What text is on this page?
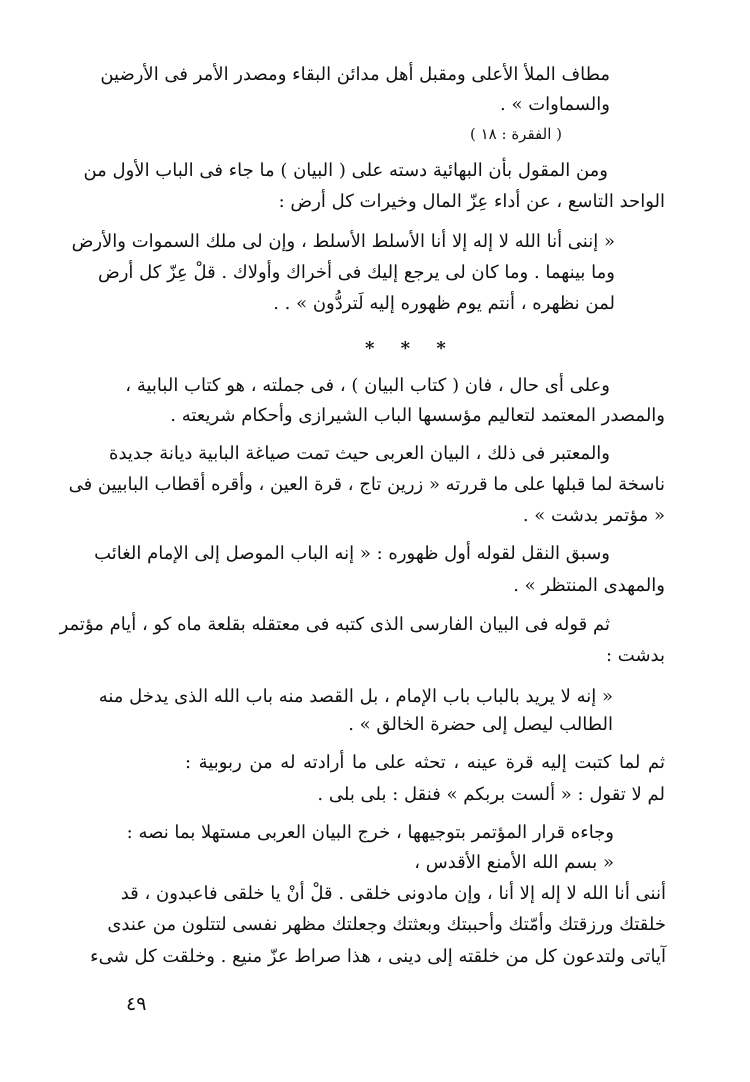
مطاف الملأ الأعلى ومقبل أهل مدائن البقاء ومصدر الأمر فى الأرضين
والسماوات » .
( الفقرة : ١٨ )
ومن المقول بأن البهائية دسته على ( البيان ) ما جاء فى الباب الأول من
الواحد التاسع ، عن أداء عِزّ المال وخيرات كل أرض :
« إننى أنا الله لا إله إلا أنا الأسلط الأسلط ، وإن لى ملك السموات والأرض
وما بينهما . وما كان لى يرجع إليك فى أخراك وأولاك . قلْ عِزّ كل أرض
لمن نظهره ، أنتم يوم ظهوره إليه لَتردُّون » . .
* * *
وعلى أى حال ، فان ( كتاب البيان ) ، فى جملته ، هو كتاب البابية ،
والمصدر المعتمد لتعاليم مؤسسها الباب الشيرازى وأحكام شريعته .
والمعتبر فى ذلك ، البيان العربى حيث تمت صياغة البابية ديانة جديدة
ناسخة لما قبلها على ما قررته « زرين تاج ، قرة العين ، وأقره أقطاب البابيين فى
« مؤتمر بدشت » .
وسبق النقل لقوله أول ظهوره : « إنه الباب الموصل إلى الإمام الغائب
والمهدى المنتظر » .
ثم قوله فى البيان الفارسى الذى كتبه فى معتقله بقلعة ماه كو ، أيام مؤتمر
بدشت :
« إنه لا يريد بالباب باب الإمام ، بل القصد منه باب الله الذى يدخل منه
الطالب ليصل إلى حضرة الخالق » .
ثم لما كتبت إليه قرة عينه ، تحثه على ما أرادته له من ربوبية :
لم لا تقول : « ألست بربكم » فنقل : بلى بلى .
وجاءه قرار المؤتمر بتوجيهها ، خرج البيان العربى مستهلا بما نصه :
« بسم الله الأمنع الأقدس ،
أننى أنا الله لا إله إلا أنا ، وإن مادونى خلقى . قلْ أنْ يا خلقى فاعبدون ، قد
خلقتك ورزقتك وأمّتك وأحببتك وبعثتك وجعلتك مظهر نفسى لتتلون من عندى
آياتى ولتدعون كل من خلقته إلى دينى ، هذا صراط عزّ منيع . وخلقت كل شىء
٤٩
